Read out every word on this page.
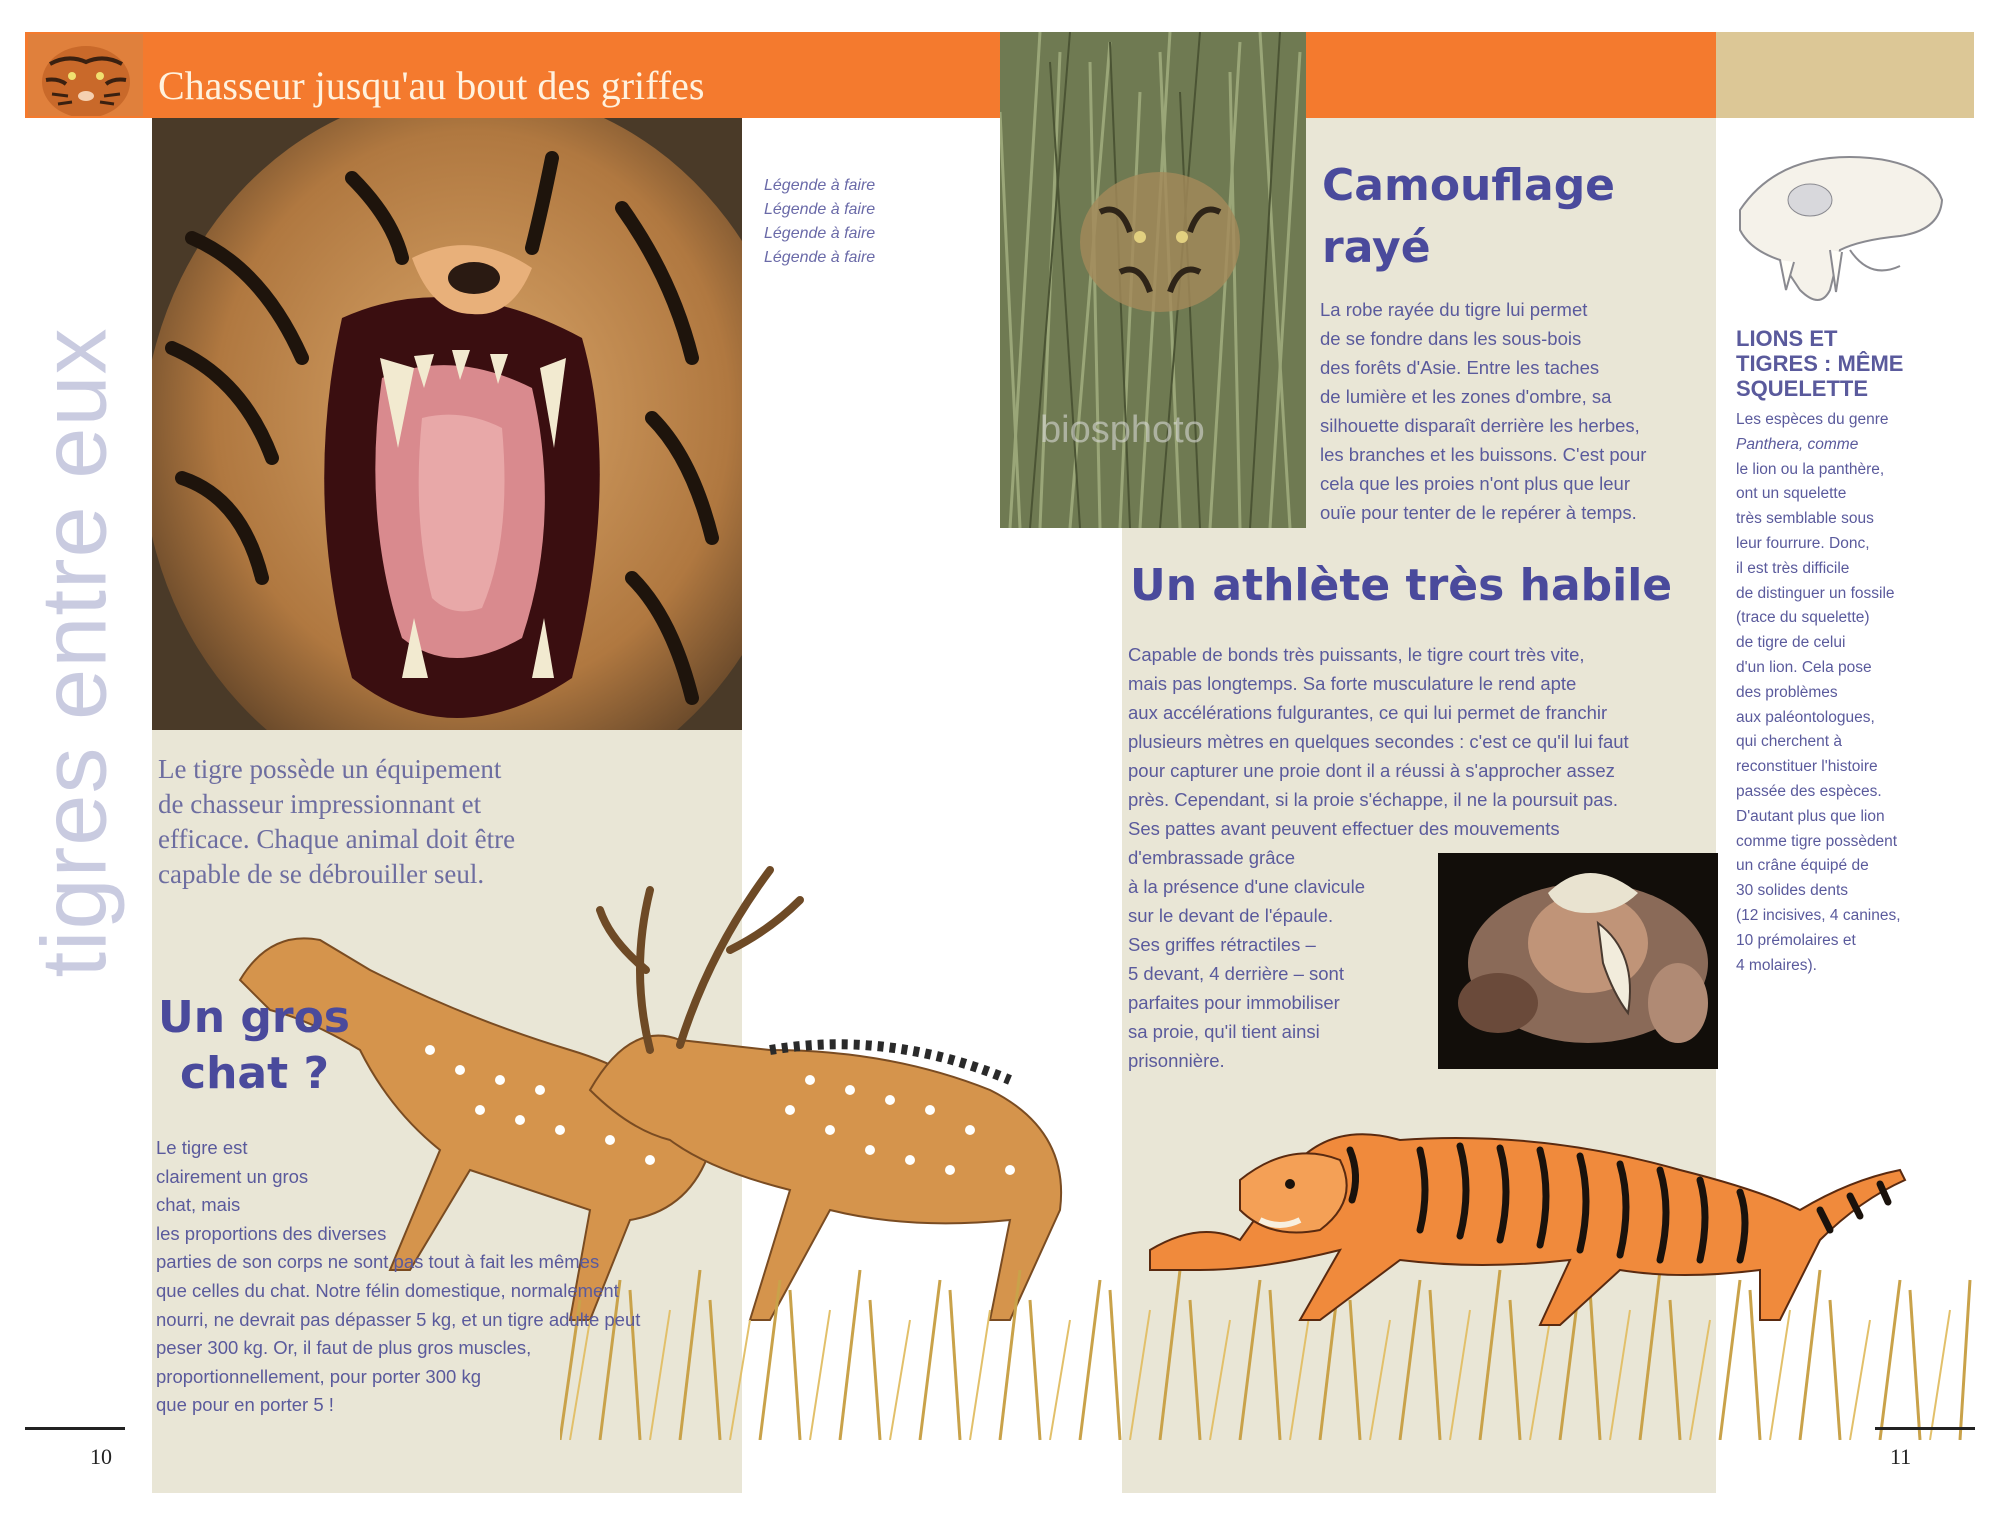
Chasseur jusqu'au bout des griffes
tigres entre eux
Légende à faire
Légende à faire
Légende à faire
Légende à faire
biosphoto
Le tigre possède un équipement
de chasseur impressionnant et
efficace. Chaque animal doit être
capable de se débrouiller seul.
Un gros
chat ?
Le tigre est
clairement un gros
chat, mais
les proportions des diverses
parties de son corps ne sont pas tout à fait les mêmes
que celles du chat. Notre félin domestique, normalement
nourri, ne devrait pas dépasser 5 kg, et un tigre adulte peut
peser 300 kg. Or, il faut de plus gros muscles,
proportionnellement, pour porter 300 kg
que pour en porter 5 !
Camouflage
rayé
La robe rayée du tigre lui permet
de se fondre dans les sous-bois
des forêts d'Asie. Entre les taches
de lumière et les zones d'ombre, sa
silhouette disparaît derrière les herbes,
les branches et les buissons. C'est pour
cela que les proies n'ont plus que leur
ouïe pour tenter de le repérer à temps.
Un athlète très habile
Capable de bonds très puissants, le tigre court très vite,
mais pas longtemps. Sa forte musculature le rend apte
aux accélérations fulgurantes, ce qui lui permet de franchir
plusieurs mètres en quelques secondes : c'est ce qu'il lui faut
pour capturer une proie dont il a réussi à s'approcher assez
près. Cependant, si la proie s'échappe, il ne la poursuit pas.
Ses pattes avant peuvent effectuer des mouvements
d'embrassade grâce
à la présence d'une clavicule
sur le devant de l'épaule.
Ses griffes rétractiles –
5 devant, 4 derrière – sont
parfaites pour immobiliser
sa proie, qu'il tient ainsi
prisonnière.
LIONS ET
TIGRES : MÊME
SQUELETTE
Les espèces du genre
Panthera, comme
le lion ou la panthère,
ont un squelette
très semblable sous
leur fourrure. Donc,
il est très difficile
de distinguer un fossile
(trace du squelette)
de tigre de celui
d'un lion. Cela pose
des problèmes
aux paléontologues,
qui cherchent à
reconstituer l'histoire
passée des espèces.
D'autant plus que lion
comme tigre possèdent
un crâne équipé de
30 solides dents
(12 incisives, 4 canines,
10 prémolaires et
4 molaires).
10	11
